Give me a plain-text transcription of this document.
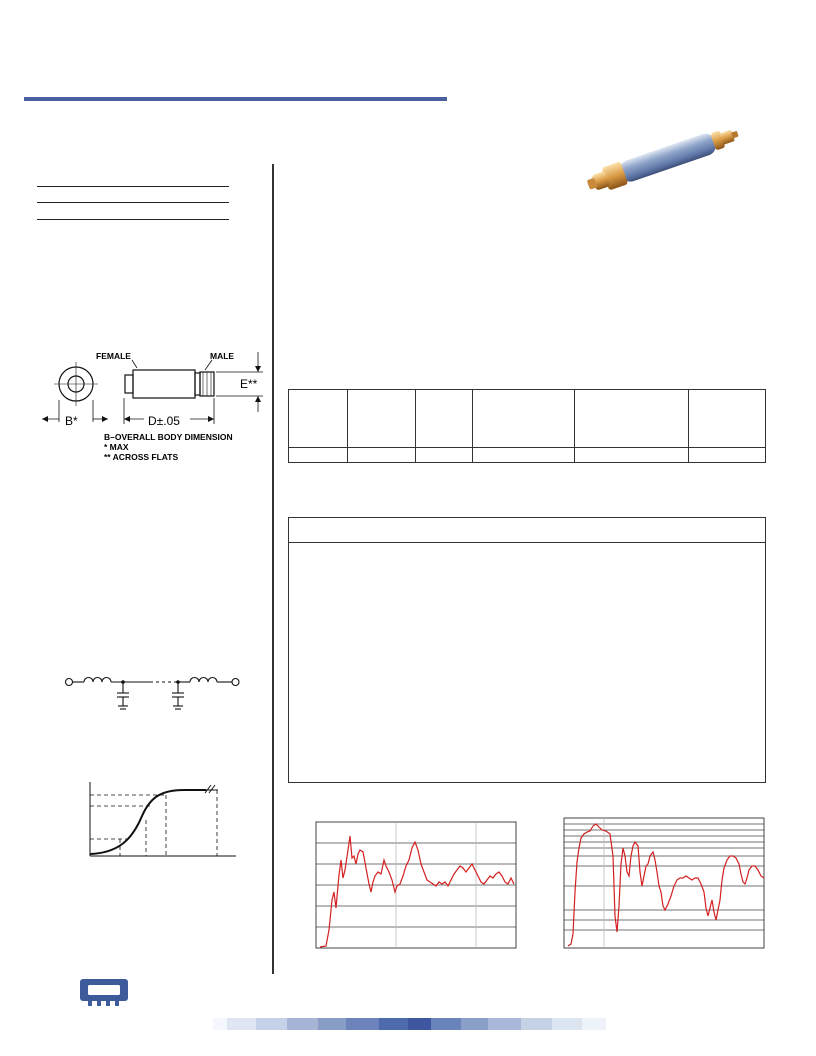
FEMALE	MALE
E**
B*	D±.05
B–OVERALL BODY DIMENSION
* MAX
** ACROSS FLATS
